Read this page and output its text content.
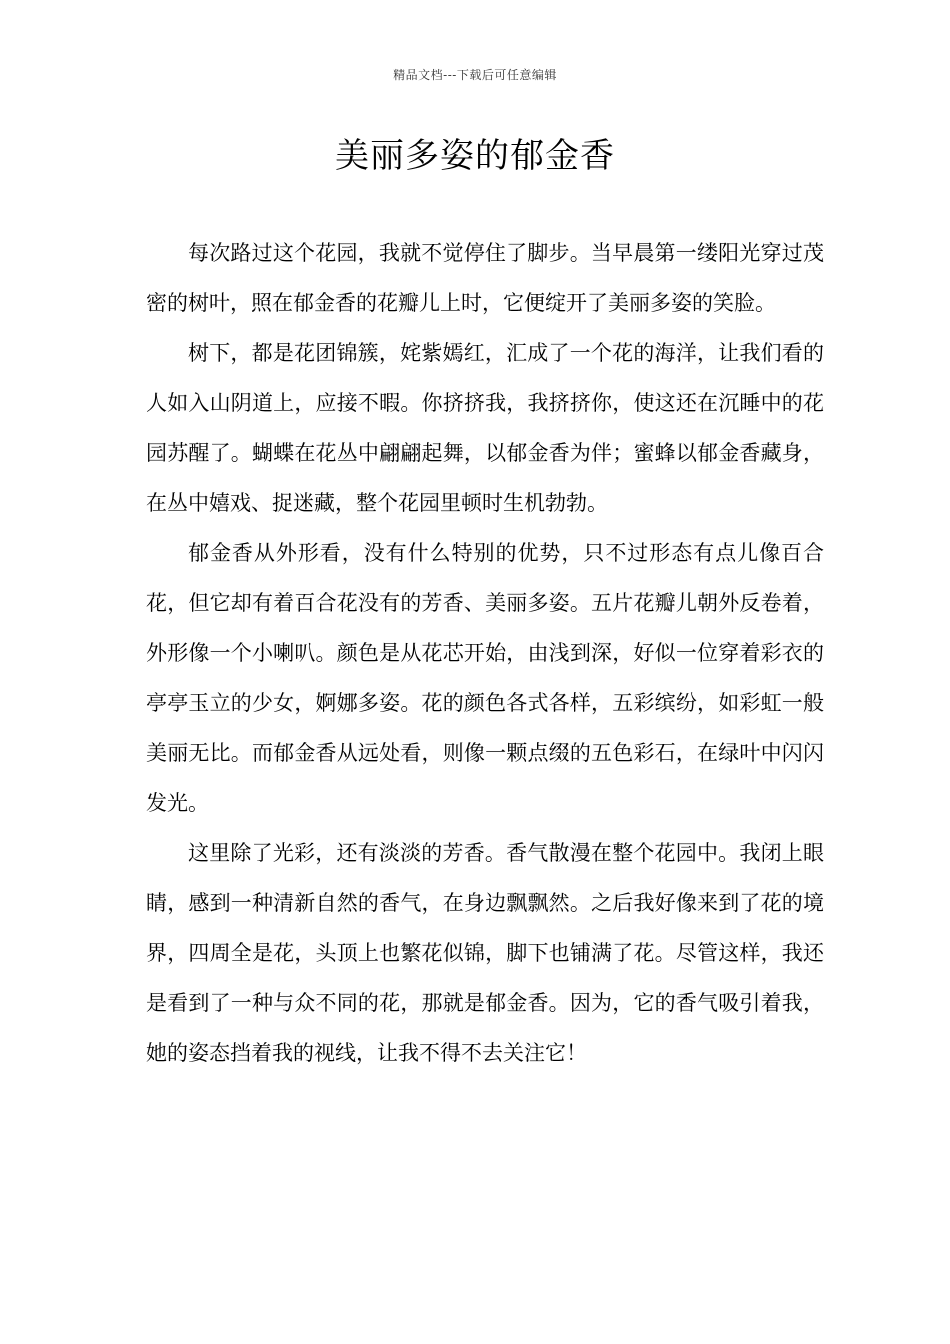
精品文档---下载后可任意编辑
美丽多姿的郁金香

每次路过这个花园，我就不觉停住了脚步。当早晨第一缕阳光穿过茂密的树叶，照在郁金香的花瓣儿上时，它便绽开了美丽多姿的笑脸。

树下，都是花团锦簇，姹紫嫣红，汇成了一个花的海洋，让我们看的人如入山阴道上，应接不暇。你挤挤我，我挤挤你，使这还在沉睡中的花园苏醒了。蝴蝶在花丛中翩翩起舞，以郁金香为伴；蜜蜂以郁金香藏身，在丛中嬉戏、捉迷藏，整个花园里顿时生机勃勃。

郁金香从外形看，没有什么特别的优势，只不过形态有点儿像百合花，但它却有着百合花没有的芳香、美丽多姿。五片花瓣儿朝外反卷着，外形像一个小喇叭。颜色是从花芯开始，由浅到深，好似一位穿着彩衣的亭亭玉立的少女，婀娜多姿。花的颜色各式各样，五彩缤纷，如彩虹一般美丽无比。而郁金香从远处看，则像一颗点缀的五色彩石，在绿叶中闪闪发光。

这里除了光彩，还有淡淡的芳香。香气散漫在整个花园中。我闭上眼睛，感到一种清新自然的香气，在身边飘飘然。之后我好像来到了花的境界，四周全是花，头顶上也繁花似锦，脚下也铺满了花。尽管这样，我还是看到了一种与众不同的花，那就是郁金香。因为，它的香气吸引着我，她的姿态挡着我的视线，让我不得不去关注它！
